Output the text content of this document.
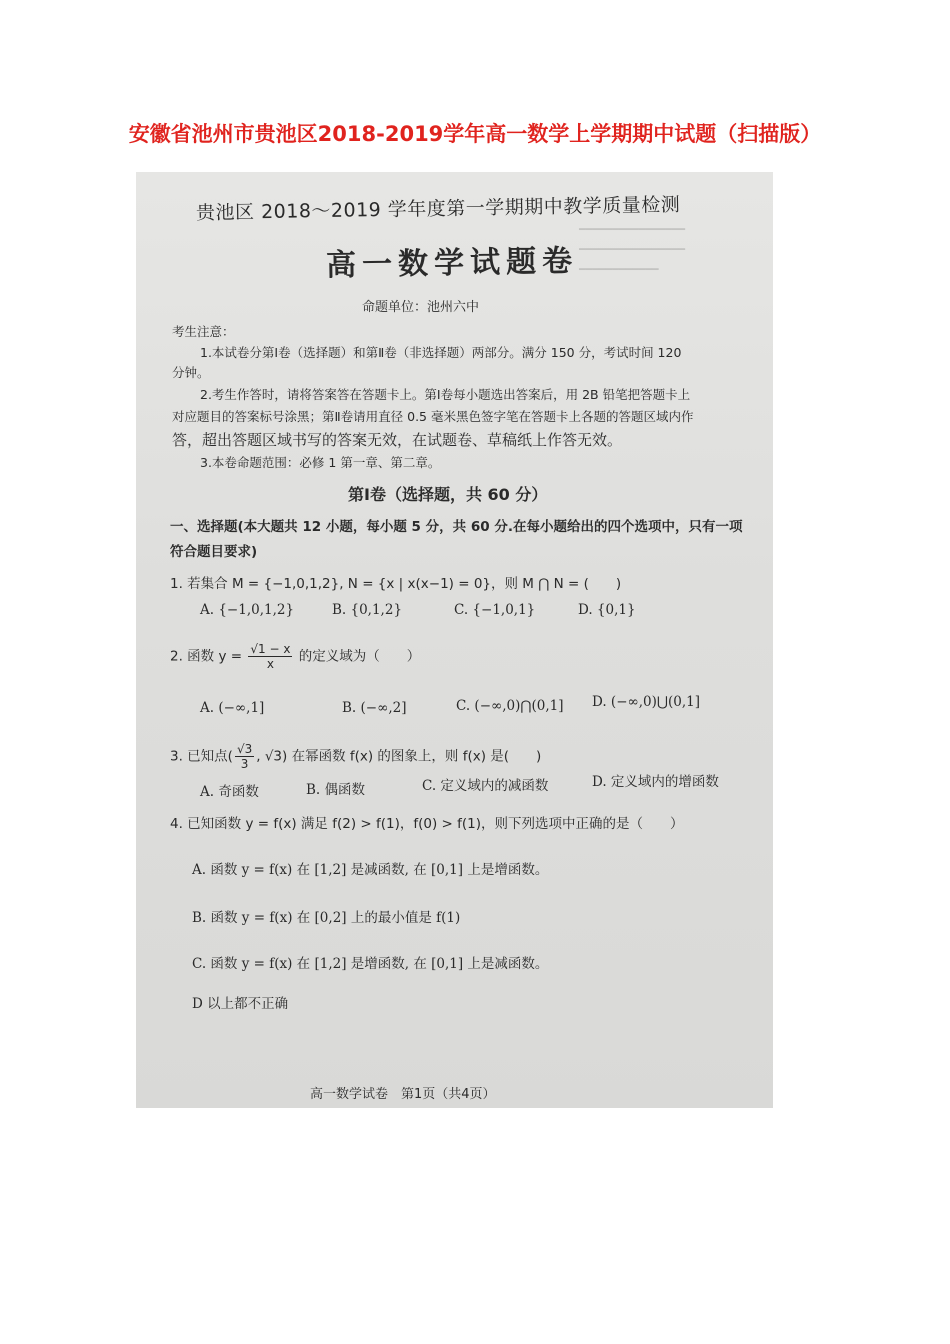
安徽省池州市贵池区2018-2019学年高一数学上学期期中试题（扫描版）
━━━━━━━━━━━━━━━━
━━━━━━━━━━━━━━━━
━━━━━━━━━━━━
贵池区 2018～2019 学年度第一学期期中教学质量检测
高一数学试题卷
命题单位：池州六中
考生注意：
1.本试卷分第Ⅰ卷（选择题）和第Ⅱ卷（非选择题）两部分。满分 150 分，考试时间 120
分钟。
2.考生作答时，请将答案答在答题卡上。第Ⅰ卷每小题选出答案后，用 2B 铅笔把答题卡上
对应题目的答案标号涂黑；第Ⅱ卷请用直径 0.5 毫米黑色签字笔在答题卡上各题的答题区域内作
答，超出答题区域书写的答案无效，在试题卷、草稿纸上作答无效。
3.本卷命题范围：必修 1 第一章、第二章。
第Ⅰ卷（选择题，共 60 分）
一、选择题(本大题共 12 小题，每小题 5 分，共 60 分.在每小题给出的四个选项中，只有一项
符合题目要求)
1. 若集合 M = {−1,0,1,2}, N = {x | x(x−1) = 0}，则 M ⋂ N = (　　)
A. {−1,0,1,2}	B. {0,1,2}	C. {−1,0,1}	D. {0,1}
2. 函数 $y = \frac{√1 - x}{x}$ 的定义域为（　　）
A. (−∞,1]	B. (−∞,2]	C. (−∞,0)⋂(0,1] D. (−∞,0)⋃(0,1]
3. 已知点( $\frac{√3}{3}$ , √3) 在幂函数 f(x) 的图象上，则 f(x) 是(　　)
A. 奇函数	B. 偶函数	C. 定义域内的减函数	D. 定义域内的增函数
4. 已知函数 y = f(x) 满足 f(2) > f(1)，f(0) > f(1)，则下列选项中正确的是（　　）
A. 函数 y = f(x) 在 [1,2] 是减函数, 在 [0,1] 上是增函数。
B. 函数 y = f(x) 在 [0,2] 上的最小值是 f(1)
C. 函数 y = f(x) 在 [1,2] 是增函数, 在 [0,1] 上是减函数。
D 以上都不正确
高一数学试卷　第1页（共4页）
